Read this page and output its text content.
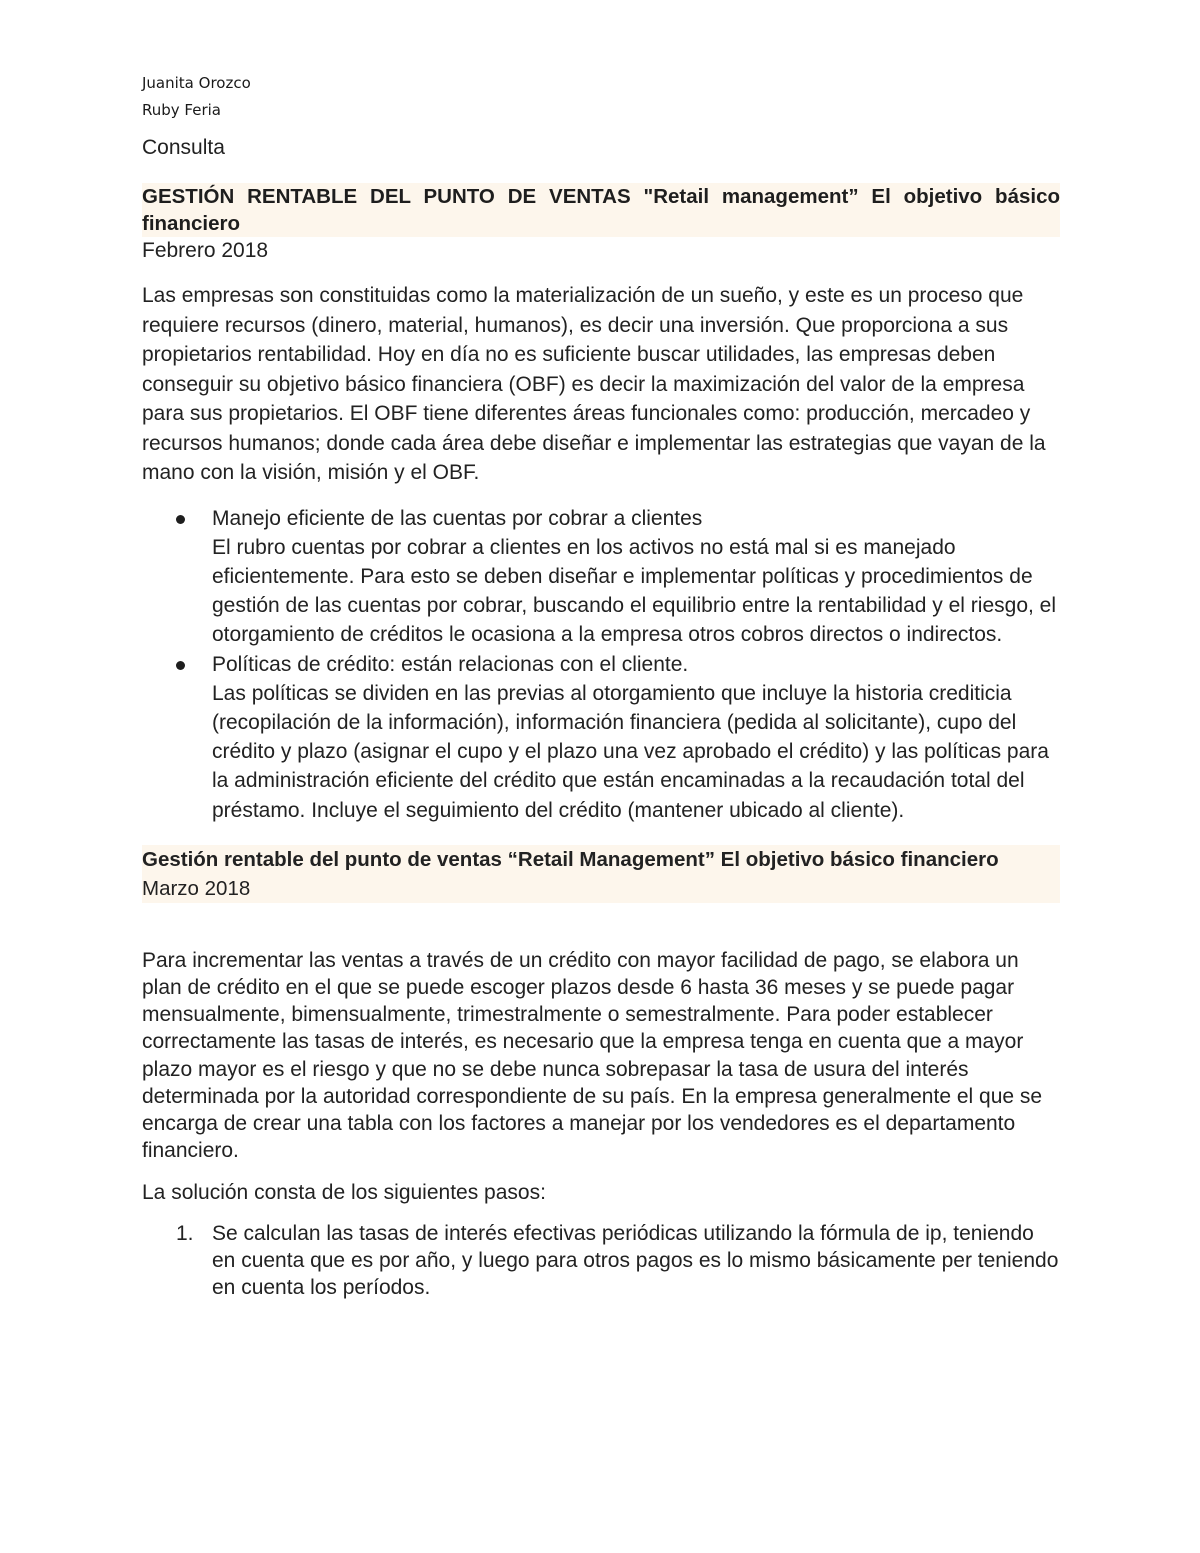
Juanita Orozco

Ruby Feria

Consulta

GESTIÓN RENTABLE DEL PUNTO DE VENTAS "Retail management” El objetivo básico financiero

Febrero 2018

Las empresas son constituidas como la materialización de un sueño, y este es un proceso que requiere recursos (dinero, material, humanos), es decir una inversión. Que proporciona a sus propietarios rentabilidad. Hoy en día no es suficiente buscar utilidades, las empresas deben conseguir su objetivo básico financiera (OBF) es decir la maximización del valor de la empresa para sus propietarios. El OBF tiene diferentes áreas funcionales como: producción, mercadeo y recursos humanos; donde cada área debe diseñar e implementar las estrategias que vayan de la mano con la visión, misión y el OBF.

Manejo eficiente de las cuentas por cobrar a clientes
El rubro cuentas por cobrar a clientes en los activos no está mal si es manejado eficientemente. Para esto se deben diseñar e implementar políticas y procedimientos de gestión de las cuentas por cobrar, buscando el equilibrio entre la rentabilidad y el riesgo, el otorgamiento de créditos le ocasiona a la empresa otros cobros directos o indirectos.
Políticas de crédito: están relacionas con el cliente.
Las políticas se dividen en las previas al otorgamiento que incluye la historia crediticia (recopilación de la información), información financiera (pedida al solicitante), cupo del crédito y plazo (asignar el cupo y el plazo una vez aprobado el crédito) y las políticas para la administración eficiente del crédito que están encaminadas a la recaudación total del préstamo. Incluye el seguimiento del crédito (mantener ubicado al cliente).

Gestión rentable del punto de ventas “Retail Management” El objetivo básico financiero Marzo 2018

Para incrementar las ventas a través de un crédito con mayor facilidad de pago, se elabora un plan de crédito en el que se puede escoger plazos desde 6 hasta 36 meses y se puede pagar mensualmente, bimensualmente, trimestralmente o semestralmente. Para poder establecer correctamente las tasas de interés, es necesario que la empresa tenga en cuenta que a mayor plazo mayor es el riesgo y que no se debe nunca sobrepasar la tasa de usura del interés determinada por la autoridad correspondiente de su país. En la empresa generalmente el que se encarga de crear una tabla con los factores a manejar por los vendedores es el departamento financiero.

La solución consta de los siguientes pasos:

1. Se calculan las tasas de interés efectivas periódicas utilizando la fórmula de ip, teniendo en cuenta que es por año, y luego para otros pagos es lo mismo básicamente per teniendo en cuenta los períodos.
